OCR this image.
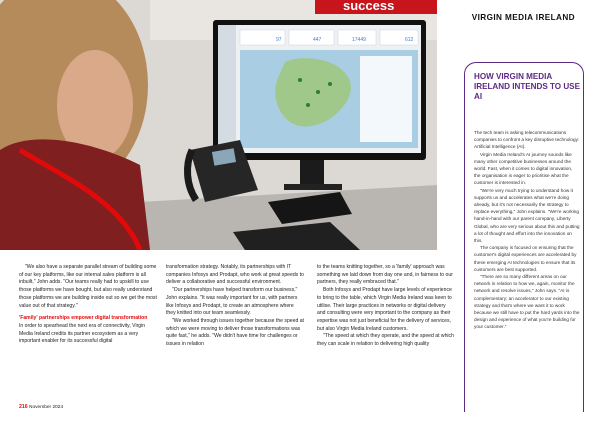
success
97	447	17449	612
VIRGIN MEDIA IRELAND
HOW VIRGIN MEDIA IRELAND INTENDS TO USE AI

The tech team is asking telecommunications companies to confront a key disruptive technology: Artificial Intelligence (AI).

Virgin Media Ireland's AI journey sounds like many other competitive businesses around the world. Fast, when it comes to digital innovation, the organisation is eager to prioritise what the customer is interested in.

"We're very much trying to understand how it supports us and accelerates what we're doing already, but it's not necessarily the strategy to replace everything," John explains. "We're working hand-in-hand with our parent company, Liberty Global, who are very serious about this and putting a lot of thought and effort into the innovation on this.

The company is focused on ensuring that the customer's digital experiences are accelerated by these emerging AI technologies to ensure that its customers are best supported.

"There are so many different areas on our network in relation to how we, again, monitor the network and resolve issues," John says. "AI is complementary; an accelerator to our existing strategy and that's where we want it to work because we still have to put the hard yards into the design and experience of what you're building for your customer."

"We also have a separate parallel stream of building some of our key platforms, like our internal sales platform is all inbuilt," John adds. "Our teams really had to upskill to use those platforms we have bought, but also really understand those platforms we are building inside out so we get the most value out of that strategy."

'Family' partnerships empower digital transformation

In order to spearhead the next era of connectivity, Virgin Media Ireland credits its partner ecosystem as a very important enabler for its successful digital

transformation strategy. Notably, its partnerships with IT companies Infosys and Prodapt, who work at great speeds to deliver a collaborative and successful environment.

"Our partnerships have helped transform our business," John explains. "It was really important for us, with partners like Infosys and Prodapt, to create an atmosphere where they knitted into our team seamlessly.

"We worked through issues together because the speed at which we were moving to deliver those transformations was quite fast," he adds. "We didn't have time for challenges or issues in relation

to the teams knitting together, so a 'family' approach was something we laid down from day one and, in fairness to our partners, they really embraced that."

Both Infosys and Prodapt have large levels of experience to bring to the table, which Virgin Media Ireland was keen to utilise. Their large practices in networks or digital delivery and consulting were very important to the company as their expertise was not just beneficial for the delivery of services, but also Virgin Media Ireland customers.

"The speed at which they operate, and the speed at which they can scale in relation to delivering high quality

216 November 2024
